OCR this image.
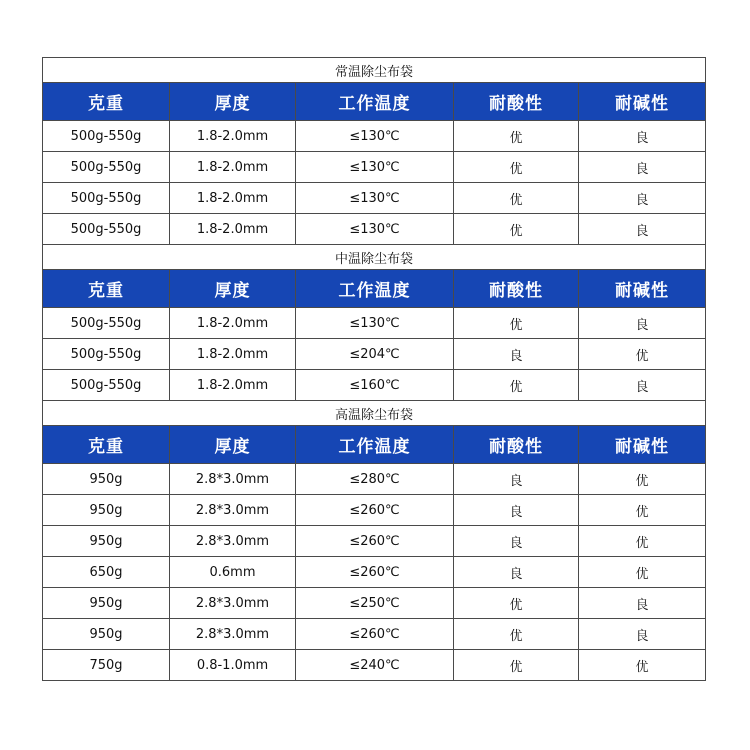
常温除尘布袋				
克重	厚度	工作温度	耐酸性	耐碱性
500g-550g	1.8-2.0mm	≤130℃	优	良
500g-550g	1.8-2.0mm	≤130℃	优	良
500g-550g	1.8-2.0mm	≤130℃	优	良
500g-550g	1.8-2.0mm	≤130℃	优	良
中温除尘布袋				
克重	厚度	工作温度	耐酸性	耐碱性
500g-550g	1.8-2.0mm	≤130℃	优	良
500g-550g	1.8-2.0mm	≤204℃	良	优
500g-550g	1.8-2.0mm	≤160℃	优	良
高温除尘布袋				
克重	厚度	工作温度	耐酸性	耐碱性
950g	2.8*3.0mm	≤280℃	良	优
950g	2.8*3.0mm	≤260℃	良	优
950g	2.8*3.0mm	≤260℃	良	优
650g	0.6mm	≤260℃	良	优
950g	2.8*3.0mm	≤250℃	优	良
950g	2.8*3.0mm	≤260℃	优	良
750g	0.8-1.0mm	≤240℃	优	优
